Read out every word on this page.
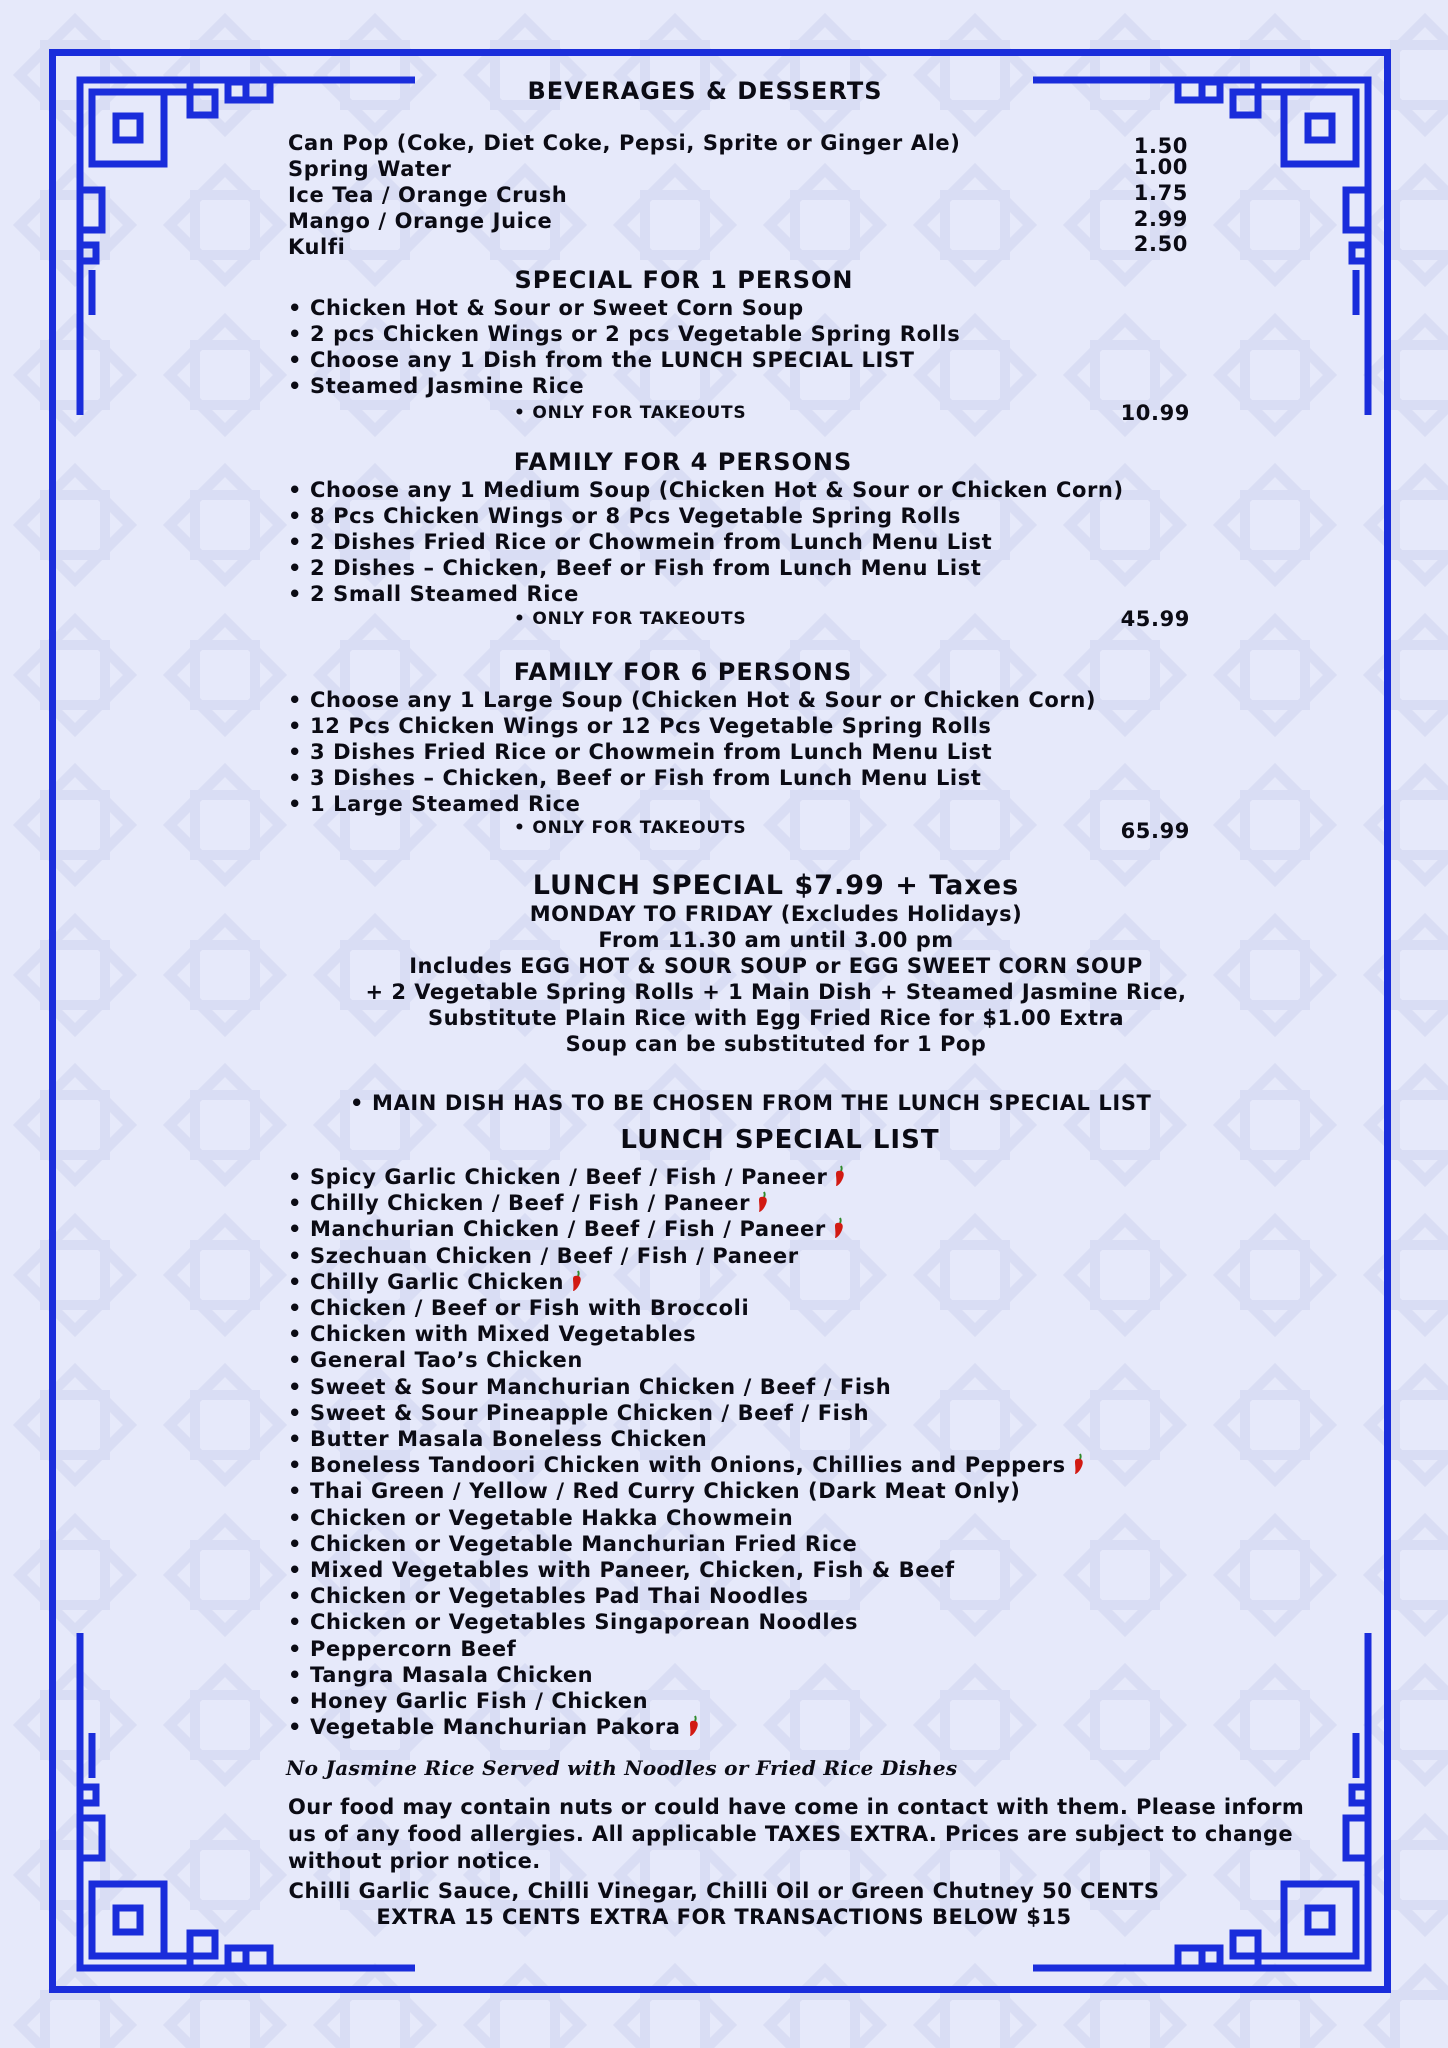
BEVERAGES & DESSERTS
Can Pop (Coke, Diet Coke, Pepsi, Sprite or Ginger Ale)	1.50
Spring Water	1.00
Ice Tea / Orange Crush	1.75
Mango / Orange Juice	2.99
Kulfi	2.50
SPECIAL FOR 1 PERSON
• Chicken Hot & Sour or Sweet Corn Soup
• 2 pcs Chicken Wings or 2 pcs Vegetable Spring Rolls
• Choose any 1 Dish from the LUNCH SPECIAL LIST
• Steamed Jasmine Rice
• ONLY FOR TAKEOUTS	10.99
FAMILY FOR 4 PERSONS
• Choose any 1 Medium Soup (Chicken Hot & Sour or Chicken Corn)
• 8 Pcs Chicken Wings or 8 Pcs Vegetable Spring Rolls
• 2 Dishes Fried Rice or Chowmein from Lunch Menu List
• 2 Dishes – Chicken, Beef or Fish from Lunch Menu List
• 2 Small Steamed Rice
• ONLY FOR TAKEOUTS	45.99
FAMILY FOR 6 PERSONS
• Choose any 1 Large Soup (Chicken Hot & Sour or Chicken Corn)
• 12 Pcs Chicken Wings or 12 Pcs Vegetable Spring Rolls
• 3 Dishes Fried Rice or Chowmein from Lunch Menu List
• 3 Dishes – Chicken, Beef or Fish from Lunch Menu List
• 1 Large Steamed Rice
• ONLY FOR TAKEOUTS	65.99
LUNCH SPECIAL $7.99 + Taxes
MONDAY TO FRIDAY (Excludes Holidays)
From 11.30 am until 3.00 pm
Includes EGG HOT & SOUR SOUP or EGG SWEET CORN SOUP
+ 2 Vegetable Spring Rolls + 1 Main Dish + Steamed Jasmine Rice,
Substitute Plain Rice with Egg Fried Rice for $1.00 Extra
Soup can be substituted for 1 Pop
• MAIN DISH HAS TO BE CHOSEN FROM THE LUNCH SPECIAL LIST
LUNCH SPECIAL LIST
• Spicy Garlic Chicken / Beef / Fish / Paneer
• Chilly Chicken / Beef / Fish / Paneer
• Manchurian Chicken / Beef / Fish / Paneer
• Szechuan Chicken / Beef / Fish / Paneer
• Chilly Garlic Chicken
• Chicken / Beef or Fish with Broccoli
• Chicken with Mixed Vegetables
• General Tao’s Chicken
• Sweet & Sour Manchurian Chicken / Beef / Fish
• Sweet & Sour Pineapple Chicken / Beef / Fish
• Butter Masala Boneless Chicken
• Boneless Tandoori Chicken with Onions, Chillies and Peppers
• Thai Green / Yellow / Red Curry Chicken (Dark Meat Only)
• Chicken or Vegetable Hakka Chowmein
• Chicken or Vegetable Manchurian Fried Rice
• Mixed Vegetables with Paneer, Chicken, Fish & Beef
• Chicken or Vegetables Pad Thai Noodles
• Chicken or Vegetables Singaporean Noodles
• Peppercorn Beef
• Tangra Masala Chicken
• Honey Garlic Fish / Chicken
• Vegetable Manchurian Pakora
No Jasmine Rice Served with Noodles or Fried Rice Dishes
Our food may contain nuts or could have come in contact with them. Please inform us of any food allergies. All applicable TAXES EXTRA. Prices are subject to change without prior notice.
Chilli Garlic Sauce, Chilli Vinegar, Chilli Oil or Green Chutney 50 CENTS
EXTRA 15 CENTS EXTRA FOR TRANSACTIONS BELOW $15
